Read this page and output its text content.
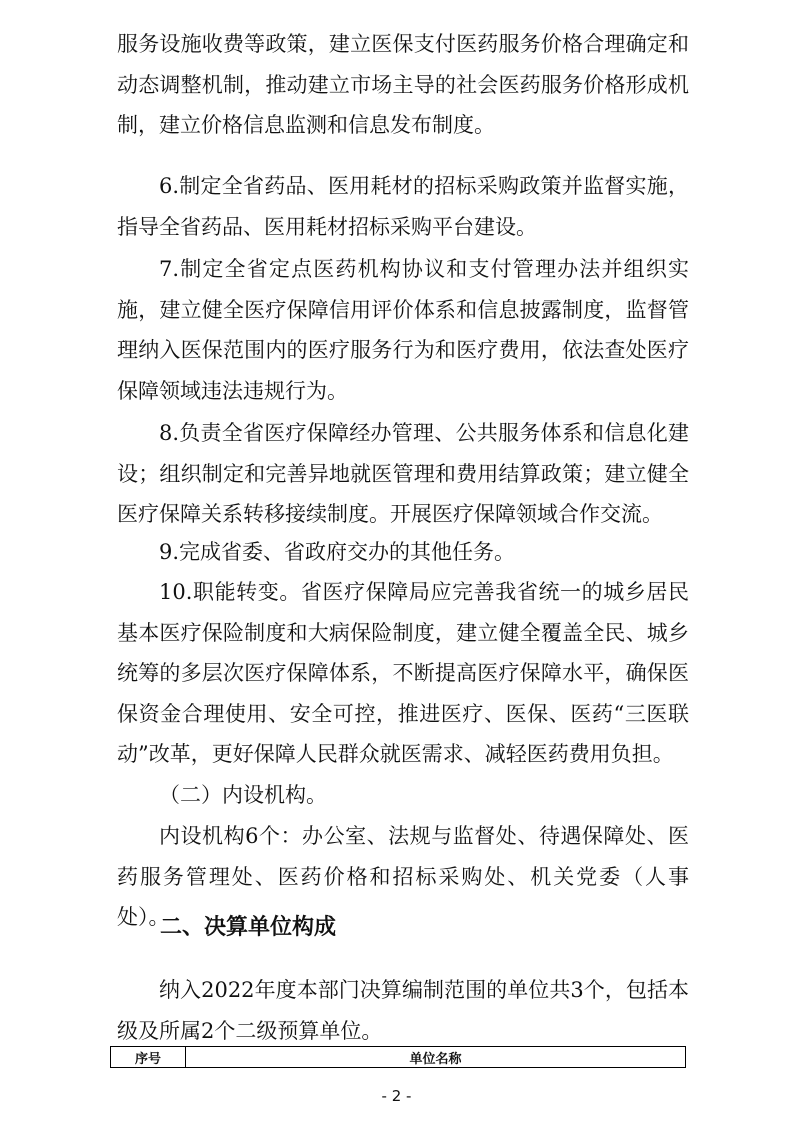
服务设施收费等政策，建立医保支付医药服务价格合理确定和动态调整机制，推动建立市场主导的社会医药服务价格形成机制，建立价格信息监测和信息发布制度。

6.制定全省药品、医用耗材的招标采购政策并监督实施，指导全省药品、医用耗材招标采购平台建设。

7.制定全省定点医药机构协议和支付管理办法并组织实施，建立健全医疗保障信用评价体系和信息披露制度，监督管理纳入医保范围内的医疗服务行为和医疗费用，依法查处医疗保障领域违法违规行为。

8.负责全省医疗保障经办管理、公共服务体系和信息化建设；组织制定和完善异地就医管理和费用结算政策；建立健全医疗保障关系转移接续制度。开展医疗保障领域合作交流。

9.完成省委、省政府交办的其他任务。

10.职能转变。省医疗保障局应完善我省统一的城乡居民基本医疗保险制度和大病保险制度，建立健全覆盖全民、城乡统筹的多层次医疗保障体系，不断提高医疗保障水平，确保医保资金合理使用、安全可控，推进医疗、医保、医药“三医联动”改革，更好保障人民群众就医需求、减轻医药费用负担。

（二）内设机构。

内设机构6个：办公室、法规与监督处、待遇保障处、医药服务管理处、医药价格和招标采购处、机关党委（人事处）。

二、决算单位构成

纳入2022年度本部门决算编制范围的单位共3个，包括本级及所属2个二级预算单位。

序号	单位名称
- 2 -
